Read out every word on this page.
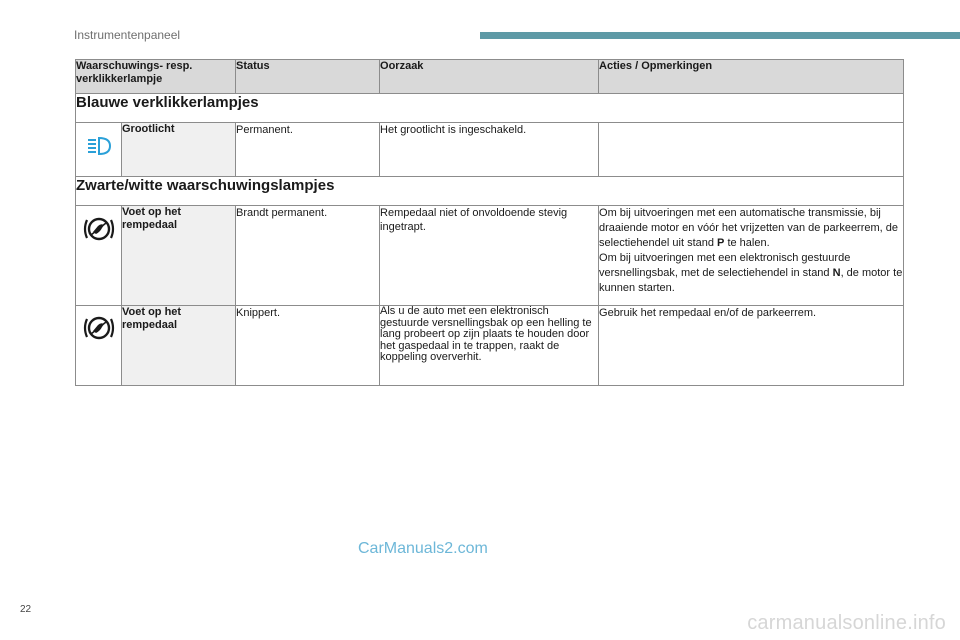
Instrumentenpaneel
Waarschuwings- resp. verklikkerlampje		Status	Oorzaak	Acties / Opmerkingen
Blauwe verklikkerlampjes				

	Grootlicht	Permanent.	Het grootlicht is ingeschakeld.	
Zwarte/witte waarschuwingslampjes				

	Voet op het rempedaal	Brandt permanent.	Rempedaal niet of onvoldoende stevig ingetrapt.	Om bij uitvoeringen met een automatische transmissie, bij draaiende motor en vóór het vrijzetten van de parkeerrem, de selectiehendel uit stand P te halen.
Om bij uitvoeringen met een elektronisch gestuurde versnellingsbak, met de selectiehendel in stand N, de motor te kunnen starten.

	Voet op het rempedaal	Knippert.	Als u de auto met een elektronisch gestuurde versnellingsbak op een helling te lang probeert op zijn plaats te houden door het gaspedaal in te trappen, raakt de koppeling oververhit.	Gebruik het rempedaal en/of de parkeerrem.
CarManuals2.com
22
carmanualsonline.info
